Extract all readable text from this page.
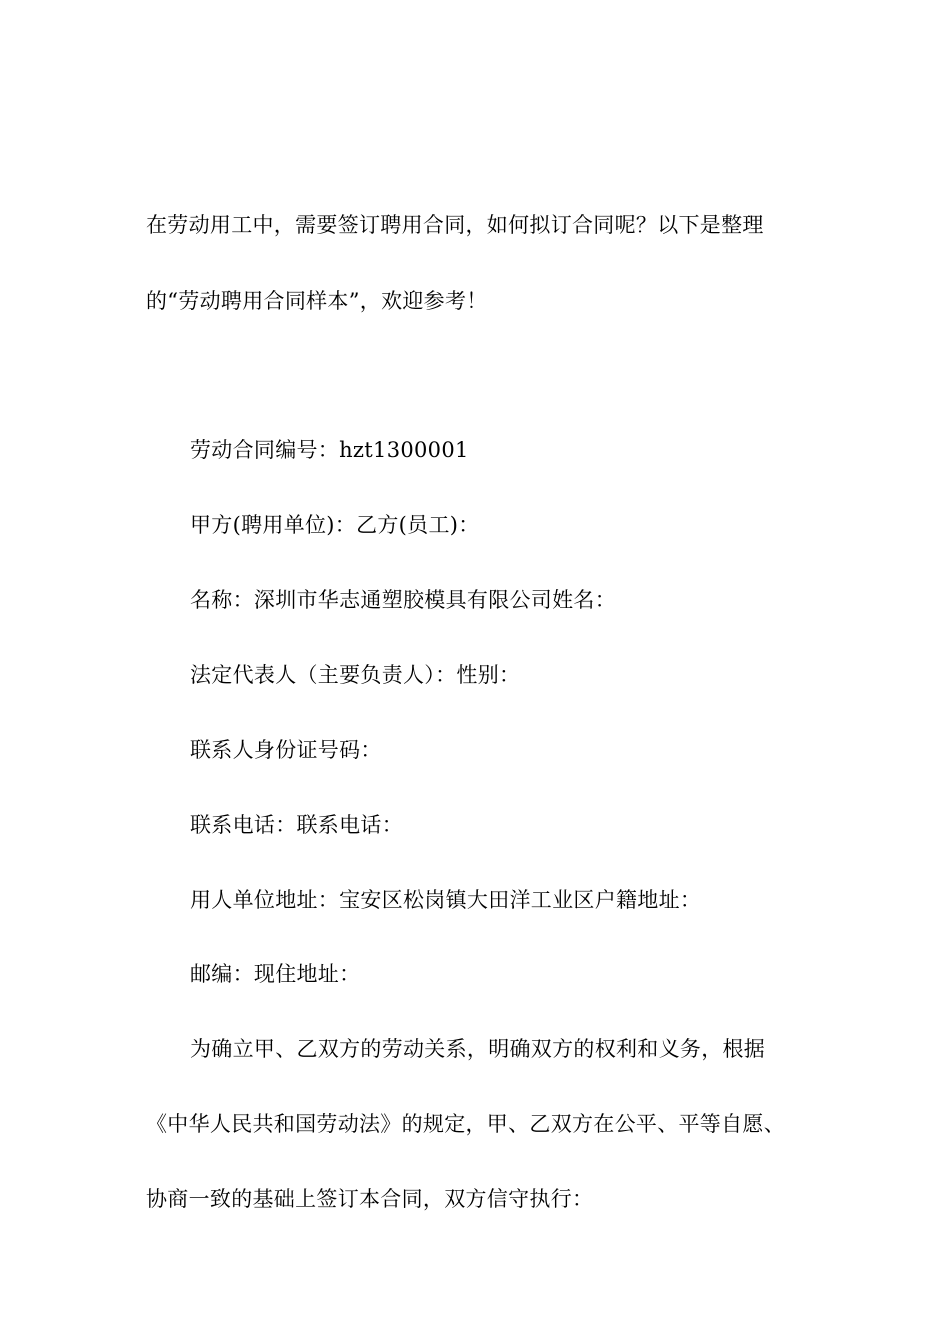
在劳动用工中，需要签订聘用合同，如何拟订合同呢？以下是整理
的“劳动聘用合同样本”，欢迎参考！
劳动合同编号：hzt1300001
甲方(聘用单位)：乙方(员工)：
名称：深圳市华志通塑胶模具有限公司姓名：
法定代表人（主要负责人）：性别：
联系人身份证号码：
联系电话：联系电话：
用人单位地址：宝安区松岗镇大田洋工业区户籍地址：
邮编：现住地址：
为确立甲、乙双方的劳动关系，明确双方的权利和义务，根据
《中华人民共和国劳动法》的规定，甲、乙双方在公平、平等自愿、
协商一致的基础上签订本合同，双方信守执行：
